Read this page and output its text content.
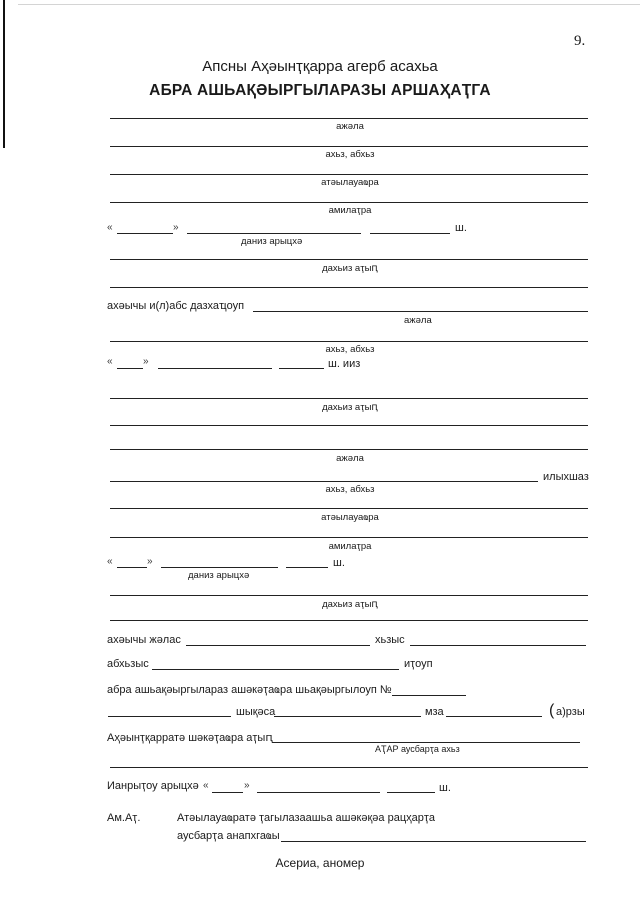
9.
Апсны Аҳәынҭқарра агерб асахьа
АБРА АШЬАҚӘЫРГЫЛАРАЗЫ АРШАҲАҬГА
ажәла
ахьз, абхьз
атәылауаҩра
амилаҭра
«	»	ш.
даниз арыцхә
дахьиз аҭыԥ
ахәычы и(л)абс дазхаҵоуп
ажәла
ахьз, абхьз
«	»	ш. ииз
дахьиз аҭыԥ
ажәла
илыхшаз
ахьз, абхьз
атәылауаҩра
амилаҭра
«	»	ш.
даниз арыцхә
дахьиз аҭыԥ
ахәычы жәлас	хьзыс
абхьзыс	иҭоуп
абра ашьақәыргылараз ашәкәҭаҩра шьақәыргылоуп №
шықәса	мза	( а)рзы
Аҳәынҭқарратә шәкәҭаҩра аҭыԥ
АҬАР аусбарҭа ахьз
Ианрыҭоу арыцхә «	»	ш.
Ам.Аҭ.	Атәылауаҩратә ҭагылазаашьа ашәкәқәа рацҳарҭа
аусбарҭа анапхгаҩы
Асериа, аномер
